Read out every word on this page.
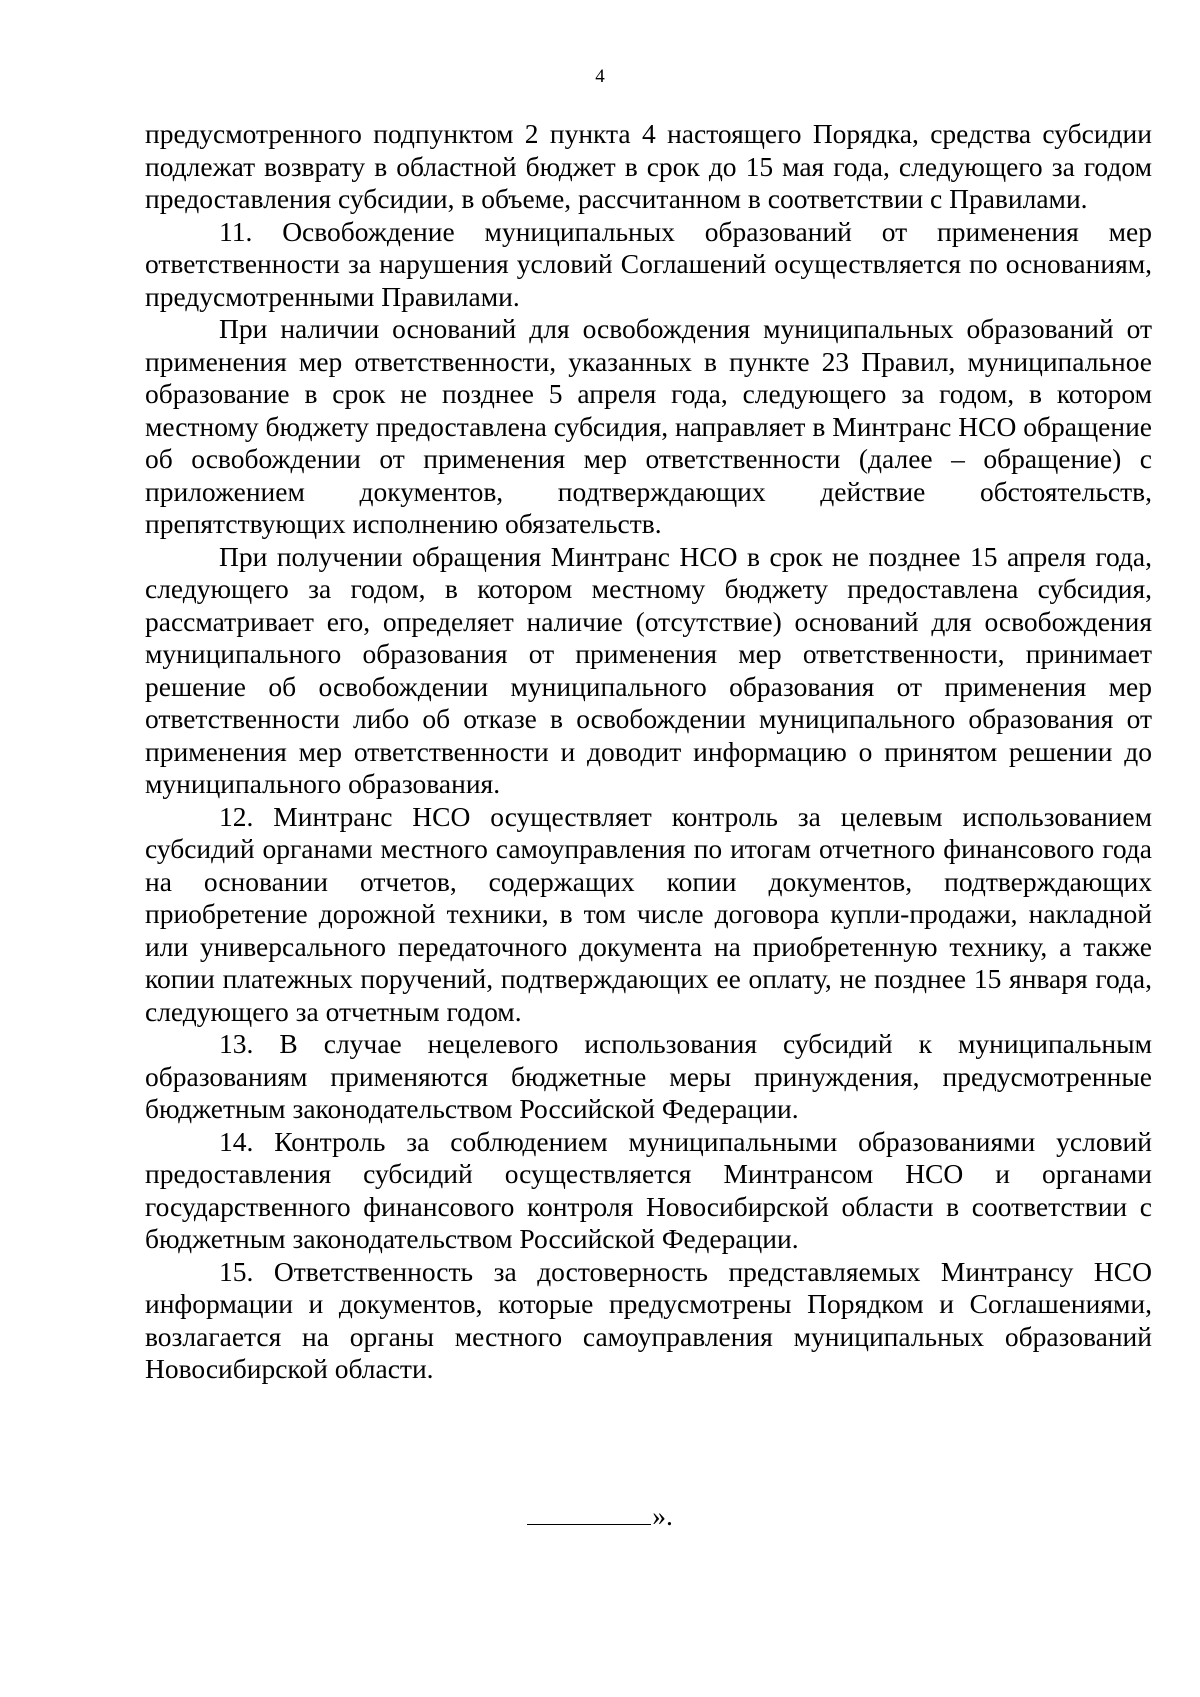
4

предусмотренного подпунктом 2 пункта 4 настоящего Порядка, средства субсидии подлежат возврату в областной бюджет в срок до 15 мая года, следующего за годом предоставления субсидии, в объеме, рассчитанном в соответствии с Правилами.

11. Освобождение муниципальных образований от применения мер ответственности за нарушения условий Соглашений осуществляется по основаниям, предусмотренными Правилами.

При наличии оснований для освобождения муниципальных образований от применения мер ответственности, указанных в пункте 23 Правил, муниципальное образование в срок не позднее 5 апреля года, следующего за годом, в котором местному бюджету предоставлена субсидия, направляет в Минтранс НСО обращение об освобождении от применения мер ответственности (далее – обращение) с приложением документов, подтверждающих действие обстоятельств, препятствующих исполнению обязательств.

При получении обращения Минтранс НСО в срок не позднее 15 апреля года, следующего за годом, в котором местному бюджету предоставлена субсидия, рассматривает его, определяет наличие (отсутствие) оснований для освобождения муниципального образования от применения мер ответственности, принимает решение об освобождении муниципального образования от применения мер ответственности либо об отказе в освобождении муниципального образования от применения мер ответственности и доводит информацию о принятом решении до муниципального образования.

12. Минтранс НСО осуществляет контроль за целевым использованием субсидий органами местного самоуправления по итогам отчетного финансового года на основании отчетов, содержащих копии документов, подтверждающих приобретение дорожной техники, в том числе договора купли-продажи, накладной или универсального передаточного документа на приобретенную технику, а также копии платежных поручений, подтверждающих ее оплату, не позднее 15 января года, следующего за отчетным годом.

13. В случае нецелевого использования субсидий к муниципальным образованиям применяются бюджетные меры принуждения, предусмотренные бюджетным законодательством Российской Федерации.

14. Контроль за соблюдением муниципальными образованиями условий предоставления субсидий осуществляется Минтрансом НСО и органами государственного финансового контроля Новосибирской области в соответствии с бюджетным законодательством Российской Федерации.

15. Ответственность за достоверность представляемых Минтрансу НСО информации и документов, которые предусмотрены Порядком и Соглашениями, возлагается на органы местного самоуправления муниципальных образований Новосибирской области.

».
